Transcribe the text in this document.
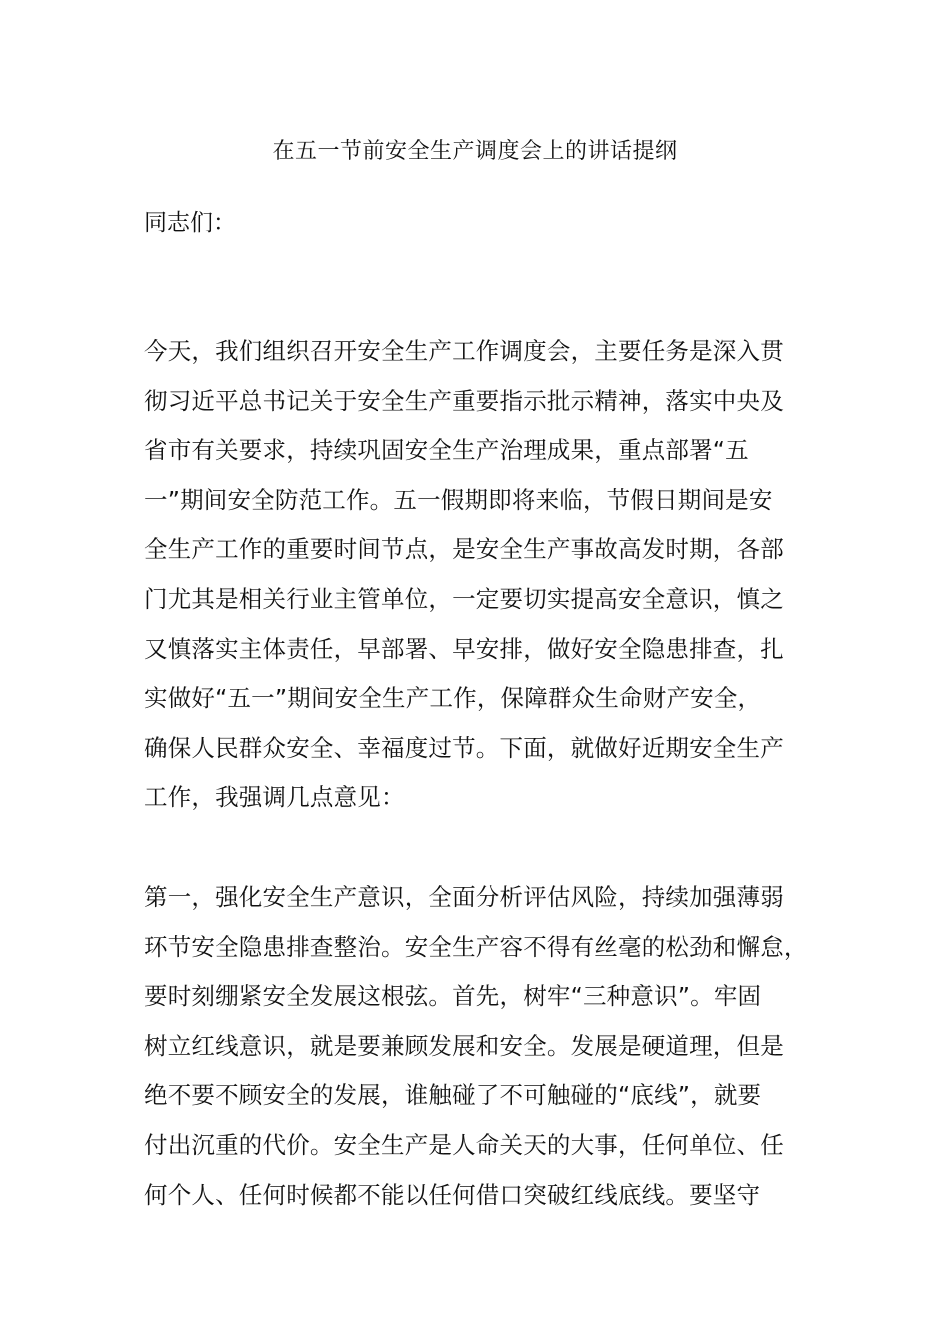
在五一节前安全生产调度会上的讲话提纲
同志们：

今天，我们组织召开安全生产工作调度会，主要任务是深入贯
彻习近平总书记关于安全生产重要指示批示精神，落实中央及
省市有关要求，持续巩固安全生产治理成果，重点部署“五
一”期间安全防范工作。五一假期即将来临，节假日期间是安
全生产工作的重要时间节点，是安全生产事故高发时期，各部
门尤其是相关行业主管单位，一定要切实提高安全意识，慎之
又慎落实主体责任，早部署、早安排，做好安全隐患排查，扎
实做好“五一”期间安全生产工作，保障群众生命财产安全，
确保人民群众安全、幸福度过节。下面，就做好近期安全生产
工作，我强调几点意见：

第一，强化安全生产意识，全面分析评估风险，持续加强薄弱
环节安全隐患排查整治。安全生产容不得有丝毫的松劲和懈怠，
要时刻绷紧安全发展这根弦。首先，树牢“三种意识”。牢固
树立红线意识，就是要兼顾发展和安全。发展是硬道理，但是
绝不要不顾安全的发展，谁触碰了不可触碰的“底线”，就要
付出沉重的代价。安全生产是人命关天的大事，任何单位、任
何个人、任何时候都不能以任何借口突破红线底线。要坚守
